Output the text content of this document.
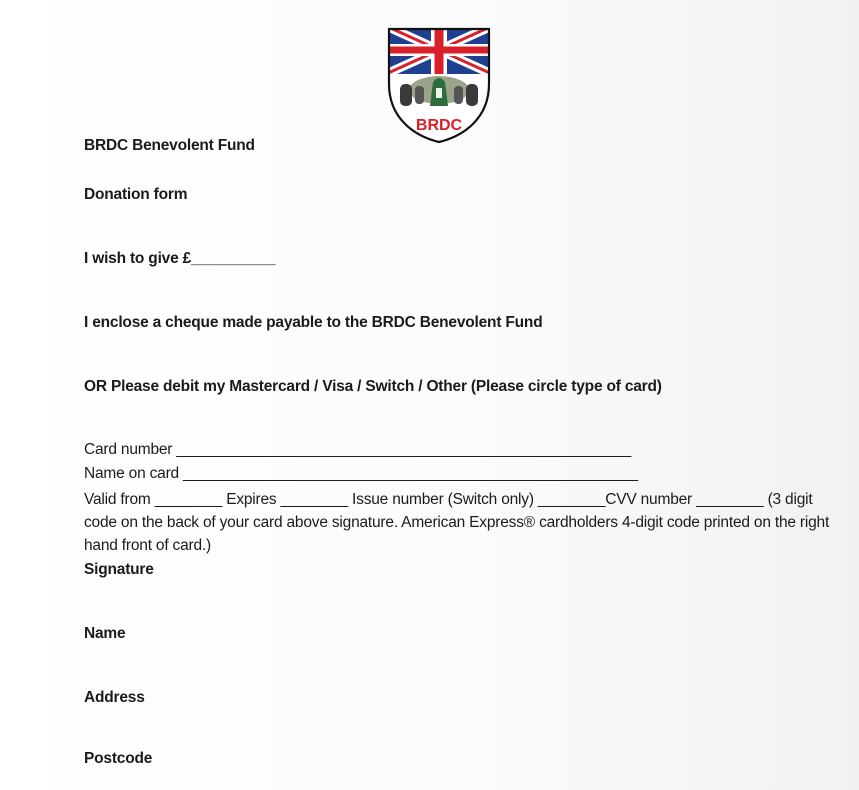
BRDC
BRDC Benevolent Fund
Donation form
I wish to give £__________
I enclose a cheque made payable to the BRDC Benevolent Fund
OR Please debit my Mastercard / Visa / Switch / Other (Please circle type of card)
Card number ______________________________________________________
Name on card ______________________________________________________
Valid from ________ Expires ________ Issue number (Switch only) ________CVV number ________ (3 digit
code on the back of your card above signature. American Express® cardholders 4-digit code printed on the right
hand front of card.)
Signature
Name
Address
Postcode
